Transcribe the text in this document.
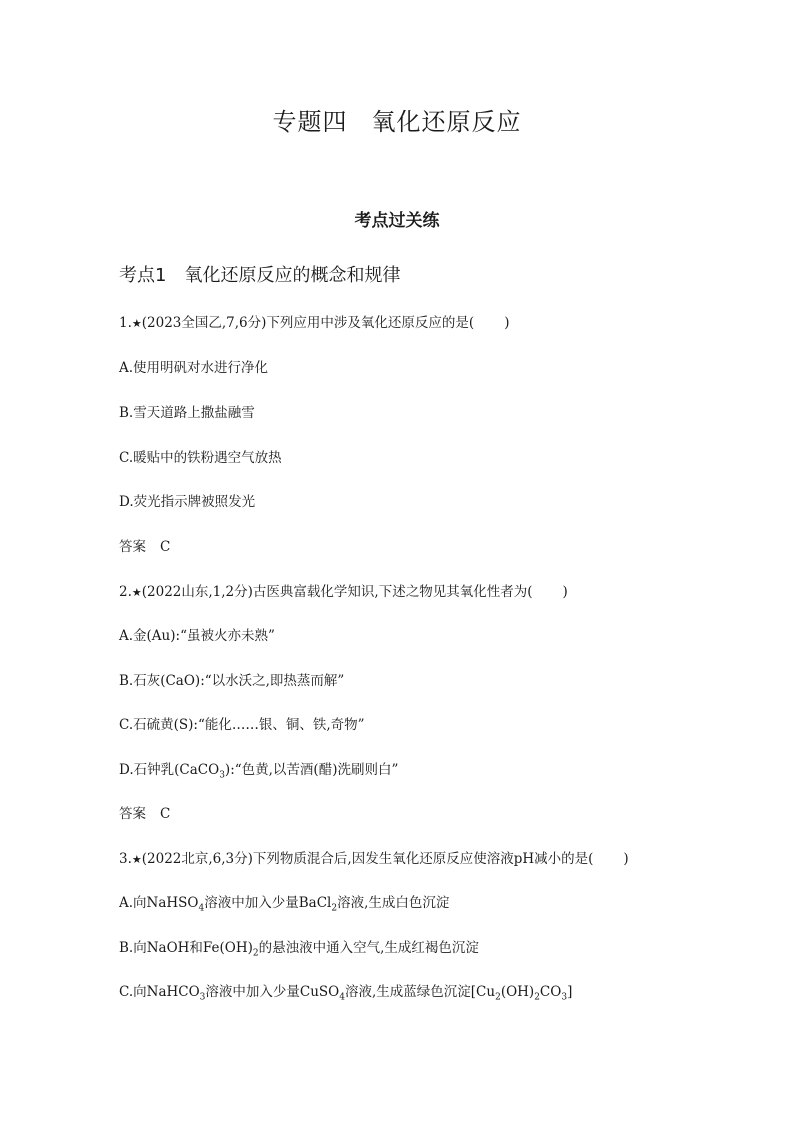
专题四 氧化还原反应
考点过关练
考点1 氧化还原反应的概念和规律
1.★(2023全国乙,7,6分)下列应用中涉及氧化还原反应的是( )
A.使用明矾对水进行净化
B.雪天道路上撒盐融雪
C.暖贴中的铁粉遇空气放热
D.荧光指示牌被照发光
答案 C
2.★(2022山东,1,2分)古医典富载化学知识,下述之物见其氧化性者为( )
A.金(Au):“虽被火亦未熟”
B.石灰(CaO):“以水沃之,即热蒸而解”
C.石硫黄(S):“能化……银、铜、铁,奇物”
D.石钟乳(CaCO$_3$):“色黄,以苦酒(醋)洗刷则白”
答案 C
3.★(2022北京,6,3分)下列物质混合后,因发生氧化还原反应使溶液pH减小的是( )
A.向NaHSO$_4$溶液中加入少量BaCl$_2$溶液,生成白色沉淀
B.向NaOH和$Fe(OH)_2$的悬浊液中通入空气,生成红褐色沉淀
C.向NaHCO$_3$溶液中加入少量CuSO$_4$溶液,生成蓝绿色沉淀$[Cu_2(OH)_2CO_3]$
